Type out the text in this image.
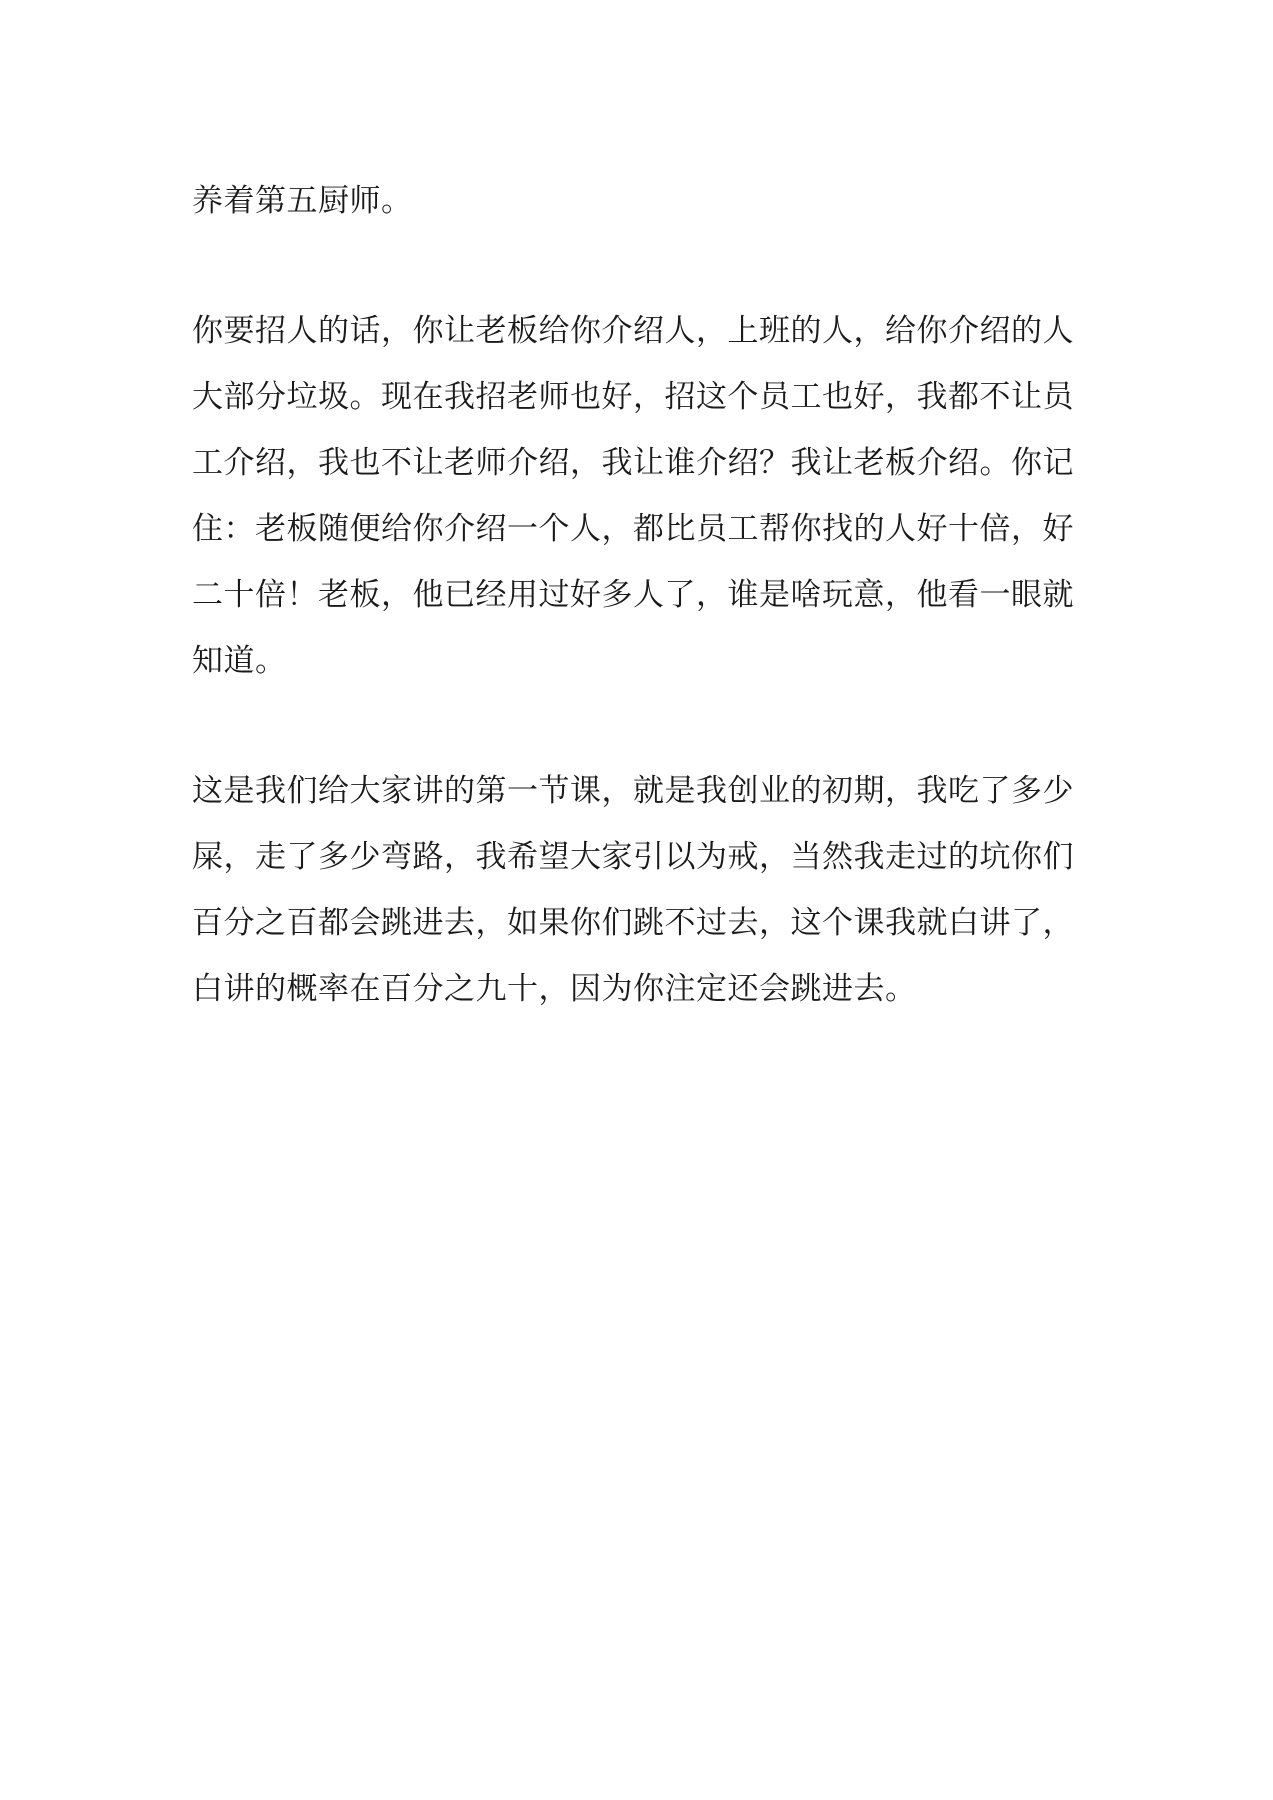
养着第五厨师。

你要招人的话，你让老板给你介绍人，上班的人，给你介绍的人
大部分垃圾。现在我招老师也好，招这个员工也好，我都不让员
工介绍，我也不让老师介绍，我让谁介绍？我让老板介绍。你记
住：老板随便给你介绍一个人，都比员工帮你找的人好十倍，好
二十倍！老板，他已经用过好多人了，谁是啥玩意，他看一眼就
知道。

这是我们给大家讲的第一节课，就是我创业的初期，我吃了多少
屎，走了多少弯路，我希望大家引以为戒，当然我走过的坑你们
百分之百都会跳进去，如果你们跳不过去，这个课我就白讲了，
白讲的概率在百分之九十，因为你注定还会跳进去。
